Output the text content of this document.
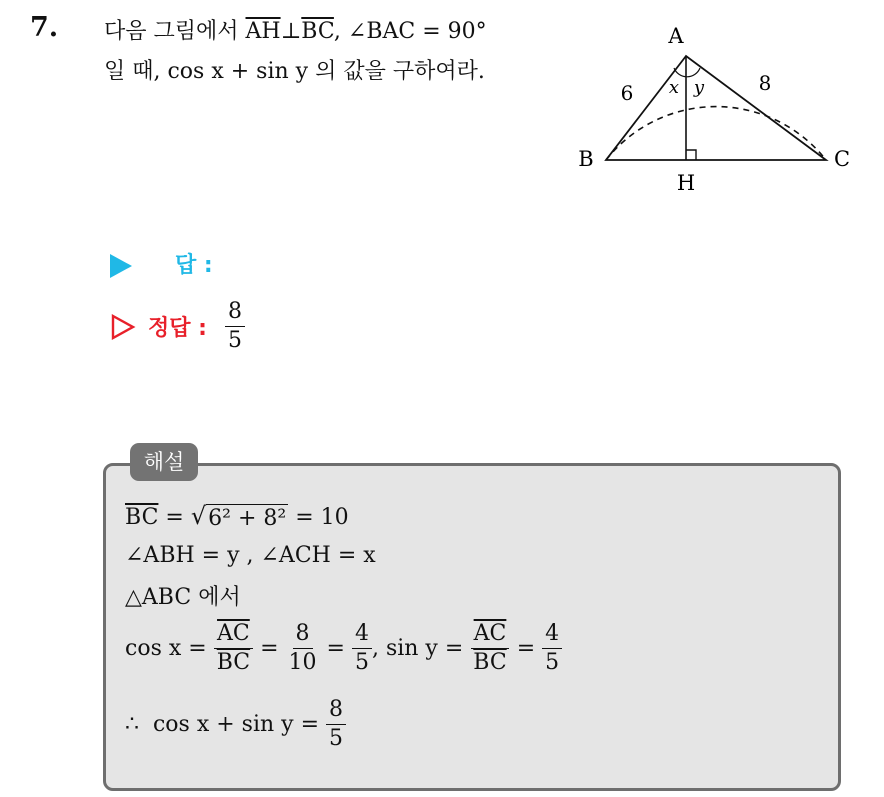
7. 다음 그림에서 $\overline{AH}\perp\overline{BC}$, ∠BAC = 90°
일 때, cos x + sin y 의 값을 구하여라.
A
B	C
H
x y
6	8
답 :
정답 : $\frac{8}{5}$
해설
$\overline{BC}$ = √ 6² + 8² = 10
∠ABH = y , ∠ACH = x
△ABC 에서
$\cos x = \frac{\overline{AC}}{BC} = \frac{8}{10} = \frac{4}{5}$ , $\sin y = \frac{\overline{AC}}{BC} = \frac{4}{5}$
∴  $\cos x + \sin y = \frac{8}{5}$
